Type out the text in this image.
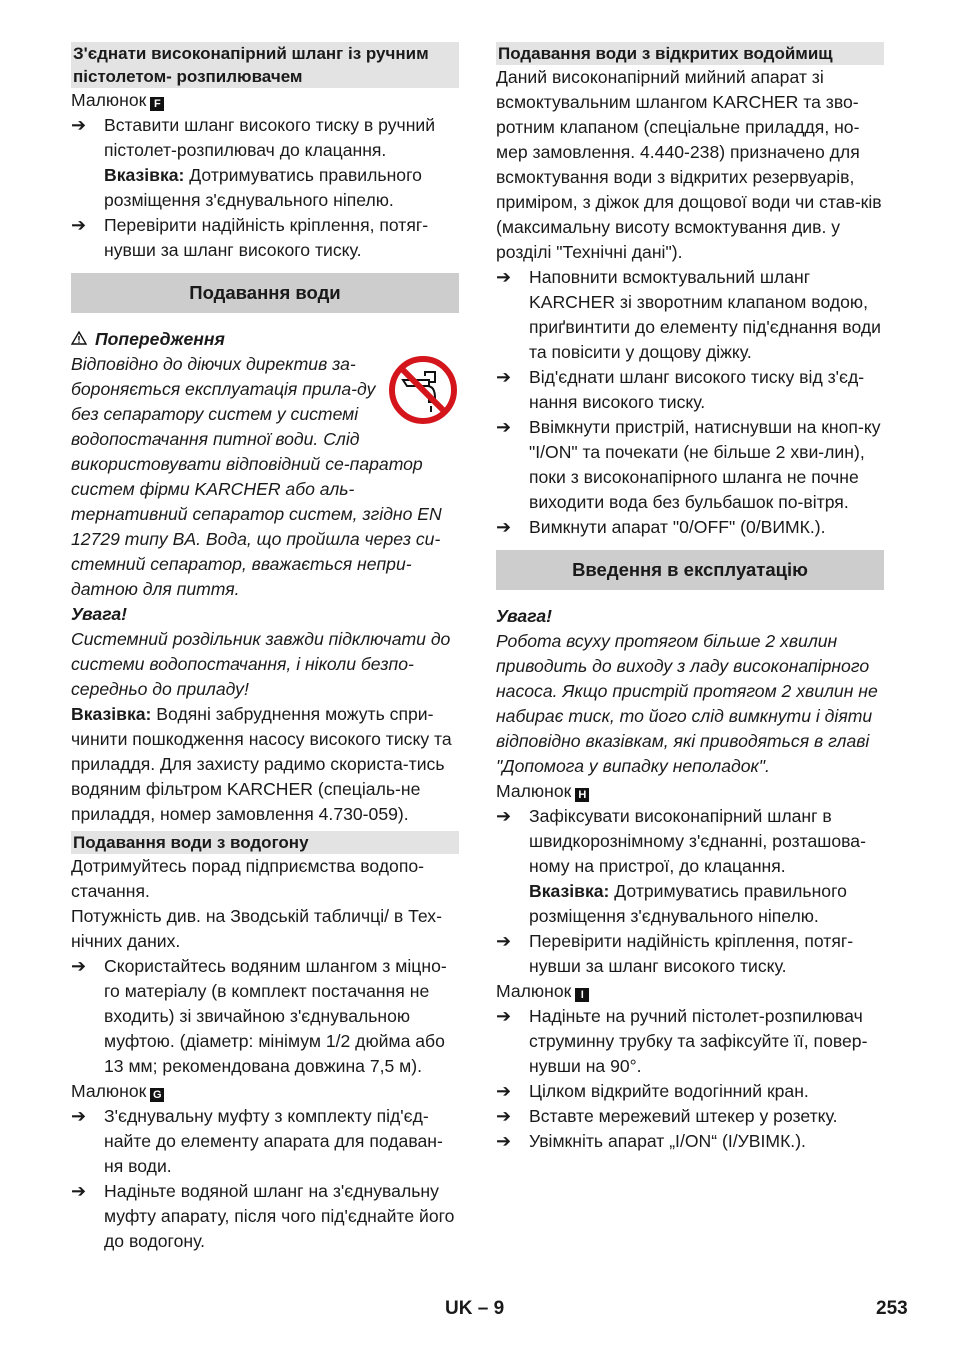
З'єднати високонапірний шланг із ручним пістолетом- розпилювачем

Малюнок F

➔ Вставити шланг високого тиску в ручний пістолет-розпилювач до клацання.

Вказівка: Дотримуватись правильного розміщення з'єднувального ніпелю.

➔ Перевірити надійність кріплення, потяг-нувши за шланг високого тиску.

Подавання води

Попередження

Відповідно до діючих директив за-бороняється експлуатація прила-ду без сепаратору систем у системі водопостачання питної води. Слід використовувати відповідний се-паратор систем фірми KARCHER або аль-тернативний сепаратор систем, згідно EN 12729 типу BA. Вода, що пройшла через си-стемний сепаратор, вважається непри-датною для пиття.

Увага!

Системний роздільник завжди підключати до системи водопостачання, і ніколи безпо-середньо до приладу!

Вказівка: Водяні забруднення можуть спри-чинити пошкодження насосу високого тиску та приладдя. Для захисту радимо скориста-тись водяним фільтром KARCHER (спеціаль-не приладдя, номер замовлення 4.730-059).

Подавання води з водогону

Дотримуйтесь порад підприємства водопо-стачання.

Потужність див. на Зводській табличці/ в Тех-нічних даних.

➔ Скористайтесь водяним шлангом з міцно-го матеріалу (в комплект постачання не входить) зі звичайною з'єднувальною муфтою. (діаметр: мінімум 1/2 дюйма або 13 мм; рекомендована довжина 7,5 м).

Малюнок G

➔ З'єднувальну муфту з комплекту під'єд-найте до елементу апарата для подаван-ня води.

➔ Надіньте водяной шланг на з'єднувальну муфту апарату, після чого під'єднайте його до водогону.

Подавання води з відкритих водоймищ

Даний високонапірний мийний апарат зі всмоктувальним шлангом KARCHER та зво-ротним клапаном (спеціальне приладдя, но-мер замовлення. 4.440-238) призначено для всмоктування води з відкритих резервуарів, приміром, з діжок для дощової води чи став-ків (максимальну висоту всмоктування див. у розділі "Технічні дані").

➔ Наповнити всмоктувальний шланг KARCHER зі зворотним клапаном водою, приґвинтити до елементу під'єднання води та повісити у дощову діжку.

➔ Від'єднати шланг високого тиску від з'єд-нання високого тиску.

➔ Ввімкнути пристрій, натиснувши на кноп-ку "I/ON" та почекати (не більше 2 хви-лин), поки з високонапірного шланга не почне виходити вода без бульбашок по-вітря.

➔ Вимкнути апарат "0/OFF" (0/ВИМК.).

Введення в експлуатацію

Увага!

Робота всуху протягом більше 2 хвилин приводить до виходу з ладу високонапірного насоса. Якщо пристрій протягом 2 хвилин не набирає тиск, то його слід вимкнути і діяти відповідно вказівкам, які приводяться в главі "Допомога у випадку неполадок".

Малюнок H

➔ Зафіксувати високонапірний шланг в швидкорознімному з'єднанні, розташова-ному на пристрої, до клацання.

Вказівка: Дотримуватись правильного розміщення з'єднувального ніпелю.

➔ Перевірити надійність кріплення, потяг-нувши за шланг високого тиску.

Малюнок I

➔ Надіньте на ручний пістолет-розпилювач струминну трубку та зафіксуйте її, повер-нувши на 90°.

➔ Цілком відкрийте водогінний кран.

➔ Вставте мережевий штекер у розетку.

➔ Увімкніть апарат „I/ON“ (I/УВІМК.).

UK – 9	253
